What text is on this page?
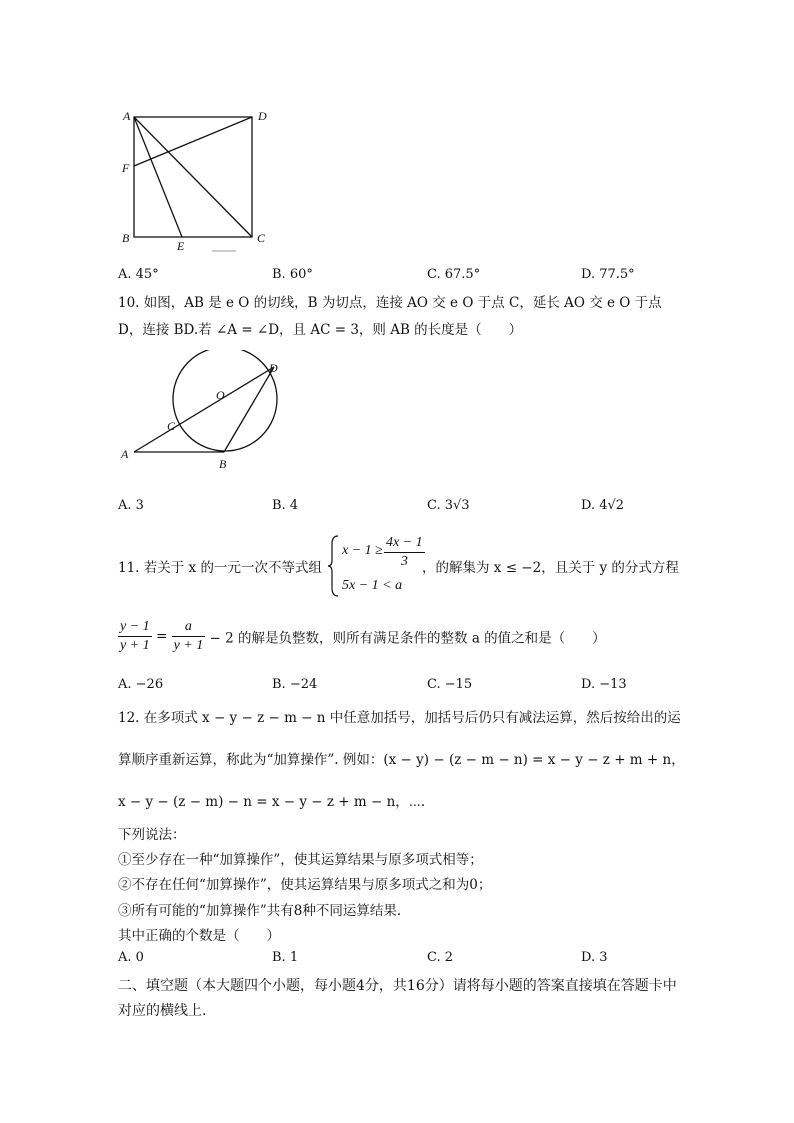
A	D
F
B
E
C
A. 45°	B. 60°	C. 67.5°	D. 77.5°
10. 如图，AB 是 e O 的切线，B 为切点，连接 AO 交 e O 于点 C，延长 AO 交 e O 于点
D，连接 BD.若 ∠A = ∠D，且 AC = 3，则 AB 的长度是（　　）
D
O
C
A
B
A. 3	B. 4	C. 3√3	D. 4√2
11. 若关于 x 的一元一次不等式组
$x - 1 \ge \frac{4x - 1}{3}$
5x − 1 < a
，的解集为 x ≤ −2，且关于 y 的分式方程
$\frac{y - 1}{y + 1} = \frac{a}{y + 1} - 2$ 的解是负整数，则所有满足条件的整数 a 的值之和是（　　）
A. −26	B. −24	C. −15	D. −13
12. 在多项式 x − y − z − m − n 中任意加括号，加括号后仍只有减法运算，然后按给出的运
算顺序重新运算，称此为“加算操作”. 例如：(x − y) − (z − m − n) = x − y − z + m + n，
x − y − (z − m) − n = x − y − z + m − n，⋯.
下列说法：
①至少存在一种“加算操作”，使其运算结果与原多项式相等；
②不存在任何“加算操作”，使其运算结果与原多项式之和为0；
③所有可能的“加算操作”共有8种不同运算结果.
其中正确的个数是（　　）
A. 0	B. 1	C. 2	D. 3
二、填空题（本大题四个小题，每小题4分，共16分）请将每小题的答案直接填在答题卡中
对应的横线上.
